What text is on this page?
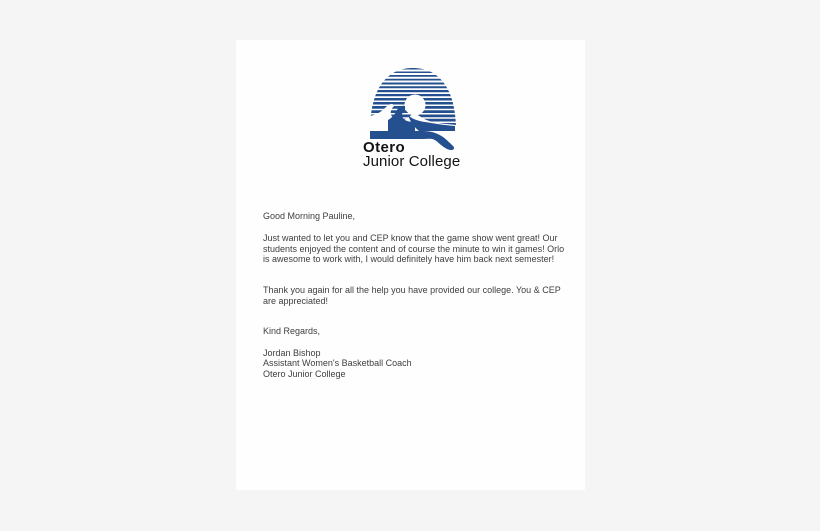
Otero
Junior College

Good Morning Pauline,

Just wanted to let you and CEP know that the game show went great! Our students enjoyed the content and of course the minute to win it games! Orlo is awesome to work with, I would definitely have him back next semester!

Thank you again for all the help you have provided our college. You & CEP are appreciated!

Kind Regards,

Jordan Bishop
Assistant Women's Basketball Coach
Otero Junior College
